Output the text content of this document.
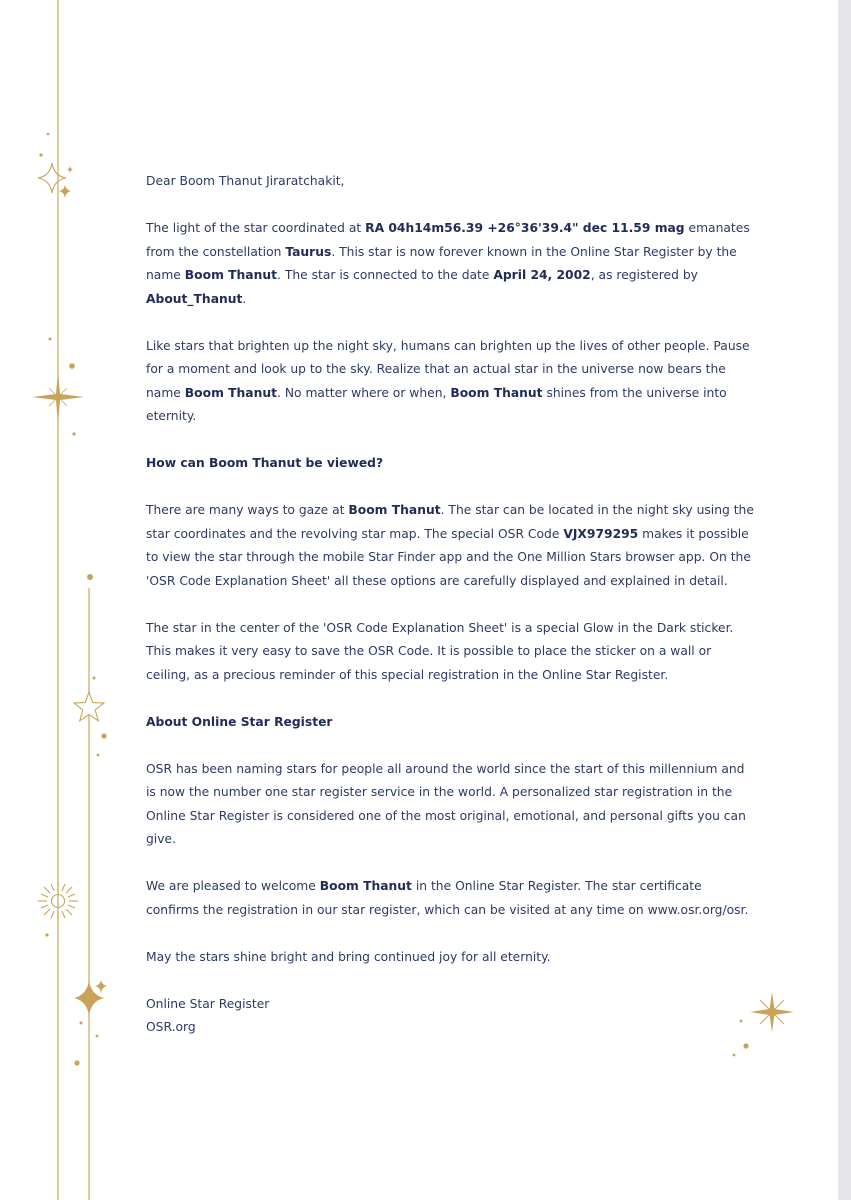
Dear Boom Thanut Jiraratchakit,

The light of the star coordinated at RA 04h14m56.39 +26°36'39.4" dec 11.59 mag emanates from the constellation Taurus. This star is now forever known in the Online Star Register by the name Boom Thanut. The star is connected to the date April 24, 2002, as registered by About_Thanut.

Like stars that brighten up the night sky, humans can brighten up the lives of other people. Pause for a moment and look up to the sky. Realize that an actual star in the universe now bears the name Boom Thanut. No matter where or when, Boom Thanut shines from the universe into eternity.

How can Boom Thanut be viewed?

There are many ways to gaze at Boom Thanut. The star can be located in the night sky using the star coordinates and the revolving star map. The special OSR Code VJX979295 makes it possible to view the star through the mobile Star Finder app and the One Million Stars browser app. On the 'OSR Code Explanation Sheet' all these options are carefully displayed and explained in detail.

The star in the center of the 'OSR Code Explanation Sheet' is a special Glow in the Dark sticker. This makes it very easy to save the OSR Code. It is possible to place the sticker on a wall or ceiling, as a precious reminder of this special registration in the Online Star Register.

About Online Star Register

OSR has been naming stars for people all around the world since the start of this millennium and is now the number one star register service in the world. A personalized star registration in the Online Star Register is considered one of the most original, emotional, and personal gifts you can give.

We are pleased to welcome Boom Thanut in the Online Star Register. The star certificate confirms the registration in our star register, which can be visited at any time on www.osr.org/osr.

May the stars shine bright and bring continued joy for all eternity.

Online Star Register

OSR.org
